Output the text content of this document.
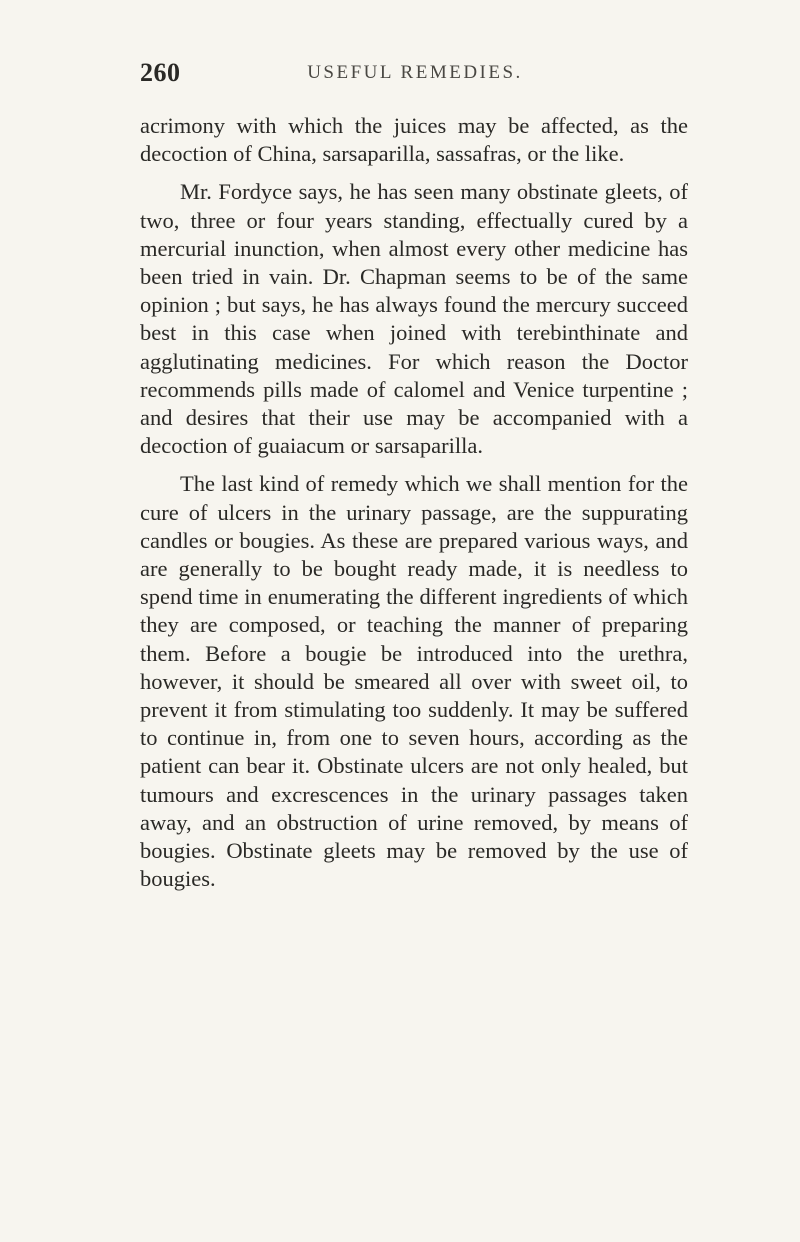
260	USEFUL REMEDIES.

acrimony with which the juices may be affected, as the decoction of China, sarsaparilla, sassafras, or the like.

Mr. Fordyce says, he has seen many obstinate gleets, of two, three or four years standing, effectually cured by a mercurial inunction, when almost every other medicine has been tried in vain. Dr. Chapman seems to be of the same opinion ; but says, he has always found the mercury succeed best in this case when joined with terebinthinate and agglutinating medicines. For which reason the Doctor recommends pills made of calomel and Venice turpentine ; and desires that their use may be accompanied with a decoction of guaiacum or sarsaparilla.

The last kind of remedy which we shall mention for the cure of ulcers in the urinary passage, are the suppurating candles or bougies. As these are prepared various ways, and are generally to be bought ready made, it is needless to spend time in enumerating the different ingredients of which they are composed, or teaching the manner of preparing them. Before a bougie be introduced into the urethra, however, it should be smeared all over with sweet oil, to prevent it from stimulating too suddenly. It may be suffered to continue in, from one to seven hours, according as the patient can bear it. Obstinate ulcers are not only healed, but tumours and excrescences in the urinary passages taken away, and an obstruction of urine removed, by means of bougies. Obstinate gleets may be removed by the use of bougies.
